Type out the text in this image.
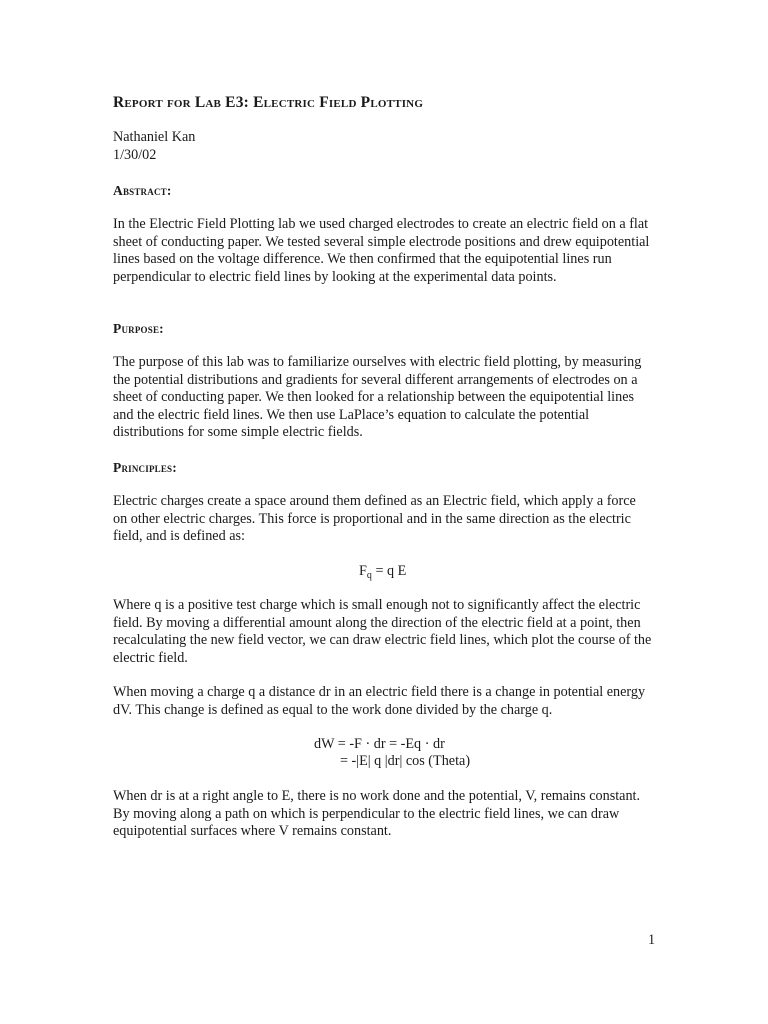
Report for Lab E3: Electric Field Plotting

Nathaniel Kan

1/30/02

Abstract:

In the Electric Field Plotting lab we used charged electrodes to create an electric field on a flat sheet of conducting paper. We tested several simple electrode positions and drew equipotential lines based on the voltage difference. We then confirmed that the equipotential lines run perpendicular to electric field lines by looking at the experimental data points.

Purpose:

The purpose of this lab was to familiarize ourselves with electric field plotting, by measuring the potential distributions and gradients for several different arrangements of electrodes on a sheet of conducting paper. We then looked for a relationship between the equipotential lines and the electric field lines. We then use LaPlace’s equation to calculate the potential distributions for some simple electric fields.

Principles:

Electric charges create a space around them defined as an Electric field, which apply a force on other electric charges. This force is proportional and in the same direction as the electric field, and is defined as:

$F_q = q$ E

Where q is a positive test charge which is small enough not to significantly affect the electric field. By moving a differential amount along the direction of the electric field at a point, then recalculating the new field vector, we can draw electric field lines, which plot the course of the electric field.

When moving a charge q a distance dr in an electric field there is a change in potential energy dV. This change is defined as equal to the work done divided by the charge q.

dW = -F · dr = -Eq · dr
= -|E| q |dr| cos (Theta)

When dr is at a right angle to E, there is no work done and the potential, V, remains constant. By moving along a path on which is perpendicular to the electric field lines, we can draw equipotential surfaces where V remains constant.

1
